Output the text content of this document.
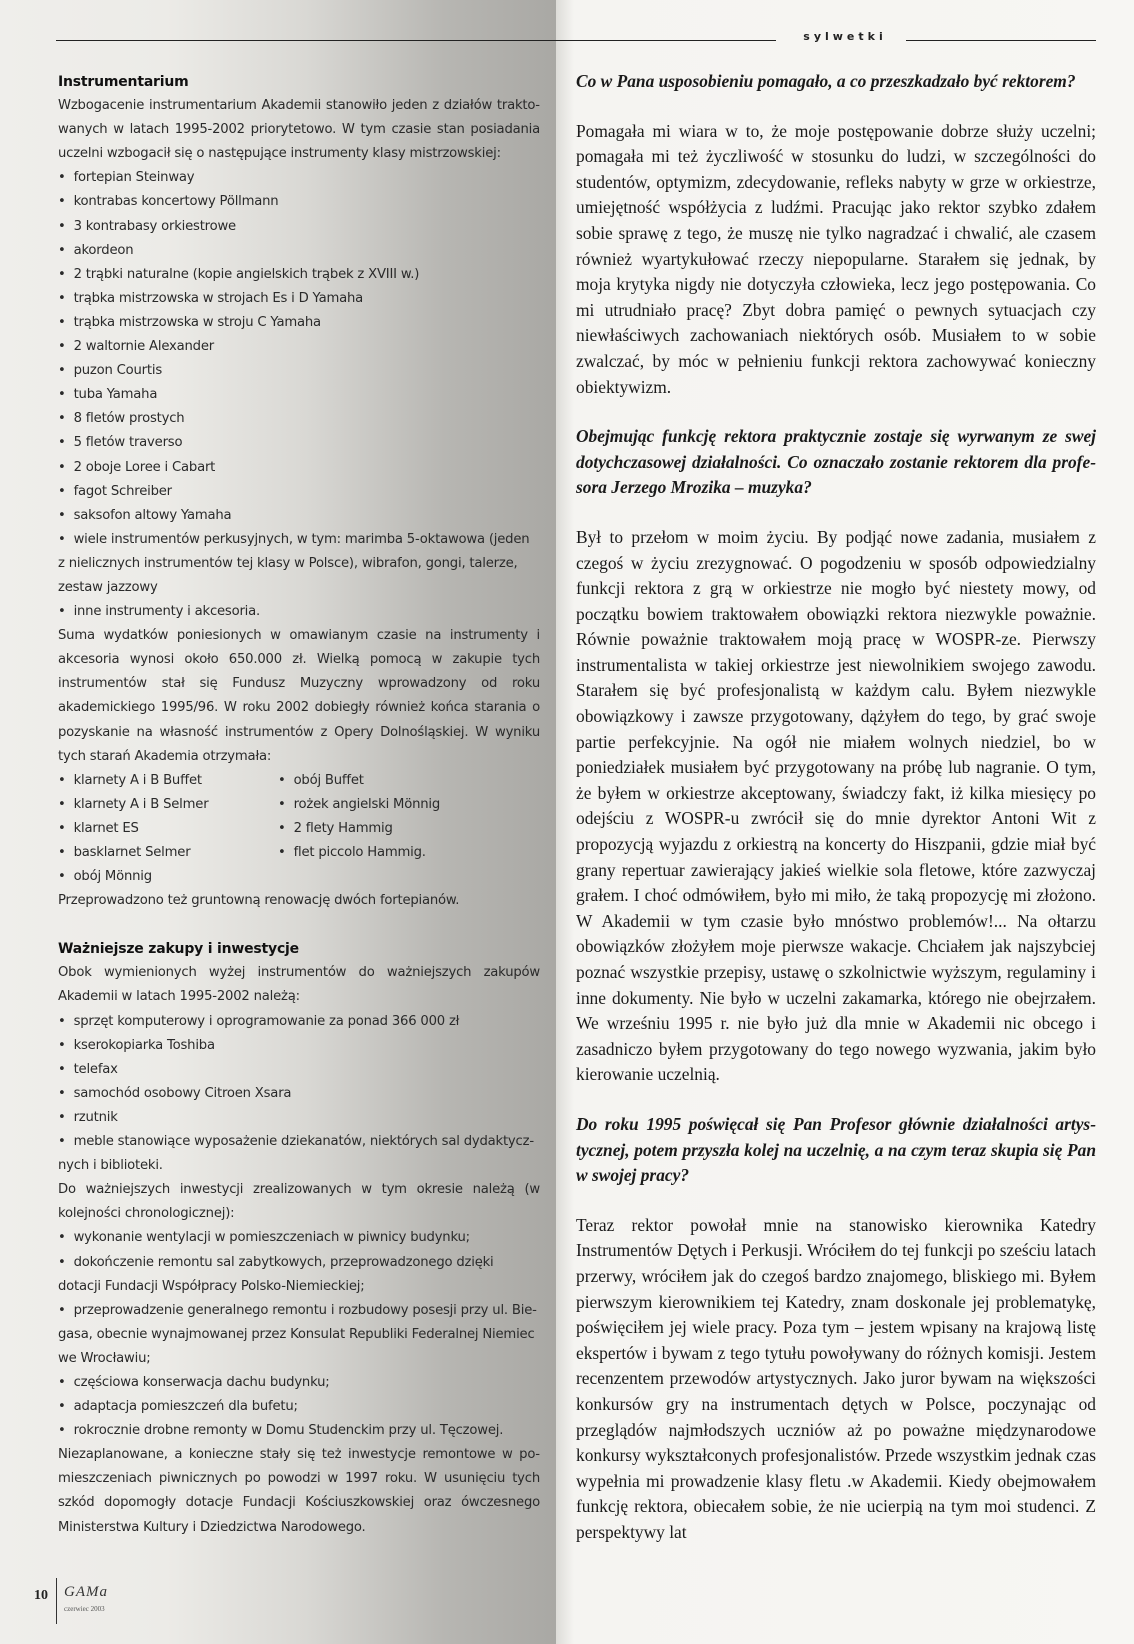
sylwetki
Instrumentarium

Wzbogacenie instrumentarium Akademii stanowiło jeden z działów traktowanych w latach 1995-2002 priorytetowo. W tym czasie stan posiadania uczelni wzbogacił się o następujące instrumenty klasy mistrzowskiej:

•  fortepian Steinway
•  kontrabas koncertowy Pöllmann
•  3 kontrabasy orkiestrowe
•  akordeon
•  2 trąbki naturalne (kopie angielskich trąbek z XVIII w.)
•  trąbka mistrzowska w strojach Es i D Yamaha
•  trąbka mistrzowska w stroju C Yamaha
•  2 waltornie Alexander
•  puzon Courtis
•  tuba Yamaha
•  8 fletów prostych
•  5 fletów traverso
•  2 oboje Loree i Cabart
•  fagot Schreiber
•  saksofon altowy Yamaha
•  wiele instrumentów perkusyjnych, w tym: marimba 5-oktawowa (jeden z nielicznych instrumentów tej klasy w Polsce), wibrafon, gongi, talerze, zestaw jazzowy
•  inne instrumenty i akcesoria.

Suma wydatków poniesionych w omawianym czasie na instrumenty i akcesoria wynosi około 650.000 zł. Wielką pomocą w zakupie tych instrumentów stał się Fundusz Muzyczny wprowadzony od roku akademickiego 1995/96. W roku 2002 dobiegły również końca starania o pozyskanie na własność instrumentów z Opery Dolnośląskiej. W wyniku tych starań Akademia otrzymała:

•  klarnety A i B Buffet
•  klarnety A i B Selmer
•  klarnet ES
•  basklarnet Selmer
•  obój Mönnig
•  obój Buffet
•  rożek angielski Mönnig
•  2 flety Hammig
•  flet piccolo Hammig.

Przeprowadzono też gruntowną renowację dwóch fortepianów.

Ważniejsze zakupy i inwestycje

Obok wymienionych wyżej instrumentów do ważniejszych zakupów Akademii w latach 1995-2002 należą:

•  sprzęt komputerowy i oprogramowanie za ponad 366 000 zł
•  kserokopiarka Toshiba
•  telefax
•  samochód osobowy Citroen Xsara
•  rzutnik
•  meble stanowiące wyposażenie dziekanatów, niektórych sal dydaktycznych i biblioteki.

Do ważniejszych inwestycji zrealizowanych w tym okresie należą (w kolejności chronologicznej):

•  wykonanie wentylacji w pomieszczeniach w piwnicy budynku;
•  dokończenie remontu sal zabytkowych, przeprowadzonego dzięki dotacji Fundacji Współpracy Polsko-Niemieckiej;
•  przeprowadzenie generalnego remontu i rozbudowy posesji przy ul. Biegasa, obecnie wynajmowanej przez Konsulat Republiki Federalnej Niemiec we Wrocławiu;
•  częściowa konserwacja dachu budynku;
•  adaptacja pomieszczeń dla bufetu;
•  rokrocznie drobne remonty w Domu Studenckim przy ul. Tęczowej.

Niezaplanowane, a konieczne stały się też inwestycje remontowe w pomieszczeniach piwnicznych po powodzi w 1997 roku. W usunięciu tych szkód dopomogły dotacje Fundacji Kościuszkowskiej oraz ówczesnego Ministerstwa Kultury i Dziedzictwa Narodowego.

Co w Pana usposobieniu pomagało, a co przeszkadzało być rektorem?

Pomagała mi wiara w to, że moje postępowanie dobrze służy uczelni; pomagała mi też życzliwość w stosunku do ludzi, w szczególności do studentów, optymizm, zdecydowanie, refleks nabyty w grze w orkiestrze, umiejętność współżycia z ludźmi. Pracując jako rektor szybko zdałem sobie sprawę z tego, że muszę nie tylko nagradzać i chwalić, ale czasem również wyartykułować rzeczy niepopularne. Starałem się jednak, by moja krytyka nigdy nie dotyczyła człowieka, lecz jego postępowania. Co mi utrudniało pracę? Zbyt dobra pamięć o pewnych sytuacjach czy niewłaściwych zachowaniach niektórych osób. Musiałem to w sobie zwalczać, by móc w pełnieniu funkcji rektora zachowywać konieczny obiektywizm.

Obejmując funkcję rektora praktycznie zostaje się wyrwanym ze swej dotychczasowej działalności. Co oznaczało zostanie rektorem dla profesora Jerzego Mrozika – muzyka?

Był to przełom w moim życiu. By podjąć nowe zadania, musiałem z czegoś w życiu zrezygnować. O pogodzeniu w sposób odpowiedzialny funkcji rektora z grą w orkiestrze nie mogło być niestety mowy, od początku bowiem traktowałem obowiązki rektora niezwykle poważnie. Równie poważnie traktowałem moją pracę w WOSPR-ze. Pierwszy instrumentalista w takiej orkiestrze jest niewolnikiem swojego zawodu. Starałem się być profesjonalistą w każdym calu. Byłem niezwykle obowiązkowy i zawsze przygotowany, dążyłem do tego, by grać swoje partie perfekcyjnie. Na ogół nie miałem wolnych niedziel, bo w poniedziałek musiałem być przygotowany na próbę lub nagranie. O tym, że byłem w orkiestrze akceptowany, świadczy fakt, iż kilka miesięcy po odejściu z WOSPR-u zwrócił się do mnie dyrektor Antoni Wit z propozycją wyjazdu z orkiestrą na koncerty do Hiszpanii, gdzie miał być grany repertuar zawierający jakieś wielkie sola fletowe, które zazwyczaj grałem. I choć odmówiłem, było mi miło, że taką propozycję mi złożono. W Akademii w tym czasie było mnóstwo problemów!... Na ołtarzu obowiązków złożyłem moje pierwsze wakacje. Chciałem jak najszybciej poznać wszystkie przepisy, ustawę o szkolnictwie wyższym, regulaminy i inne dokumenty. Nie było w uczelni zakamarka, którego nie obejrzałem. We wrześniu 1995 r. nie było już dla mnie w Akademii nic obcego i zasadniczo byłem przygotowany do tego nowego wyzwania, jakim było kierowanie uczelnią.

Do roku 1995 poświęcał się Pan Profesor głównie działalności artystycznej, potem przyszła kolej na uczelnię, a na czym teraz skupia się Pan w swojej pracy?

Teraz rektor powołał mnie na stanowisko kierownika Katedry Instrumentów Dętych i Perkusji. Wróciłem do tej funkcji po sześciu latach przerwy, wróciłem jak do czegoś bardzo znajomego, bliskiego mi. Byłem pierwszym kierownikiem tej Katedry, znam doskonale jej problematykę, poświęciłem jej wiele pracy. Poza tym – jestem wpisany na krajową listę ekspertów i bywam z tego tytułu powoływany do różnych komisji. Jestem recenzentem przewodów artystycznych. Jako juror bywam na większości konkursów gry na instrumentach dętych w Polsce, poczynając od przeglądów najmłodszych uczniów aż po poważne międzynarodowe konkursy wykształconych profesjonalistów. Przede wszystkim jednak czas wypełnia mi prowadzenie klasy fletu .w Akademii. Kiedy obejmowałem funkcję rektora, obiecałem sobie, że nie ucierpią na tym moi studenci. Z perspektywy lat

10 GAMa
czerwiec 2003
